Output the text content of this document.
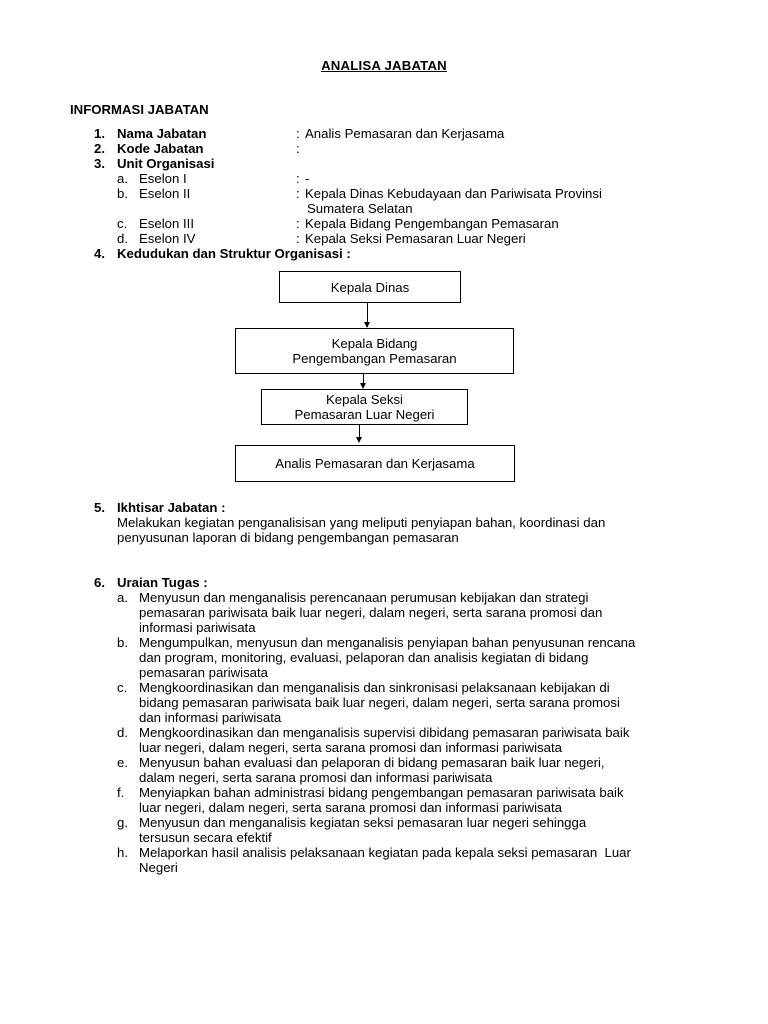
ANALISA JABATAN
INFORMASI JABATAN
1. Nama Jabatan	: Analis Pemasaran dan Kerjasama
2. Kode Jabatan	:
3. Unit Organisasi
a. Eselon I	: -
b. Eselon II	: Kepala Dinas Kebudayaan dan Pariwisata Provinsi
Sumatera Selatan
c. Eselon III	: Kepala Bidang Pengembangan Pemasaran
d. Eselon IV	: Kepala Seksi Pemasaran Luar Negeri
4. Kedudukan dan Struktur Organisasi :
Kepala Dinas
Kepala Bidang
Pengembangan Pemasaran
Kepala Seksi
Pemasaran Luar Negeri
Analis Pemasaran dan Kerjasama
5. Ikhtisar Jabatan :
Melakukan kegiatan penganalisisan yang meliputi penyiapan bahan, koordinasi dan
penyusunan laporan di bidang pengembangan pemasaran
6. Uraian Tugas :
a. Menyusun dan menganalisis perencanaan perumusan kebijakan dan strategi
pemasaran pariwisata baik luar negeri, dalam negeri, serta sarana promosi dan
informasi pariwisata
b. Mengumpulkan, menyusun dan menganalisis penyiapan bahan penyusunan rencana
dan program, monitoring, evaluasi, pelaporan dan analisis kegiatan di bidang
pemasaran pariwisata
c. Mengkoordinasikan dan menganalisis dan sinkronisasi pelaksanaan kebijakan di
bidang pemasaran pariwisata baik luar negeri, dalam negeri, serta sarana promosi
dan informasi pariwisata
d. Mengkoordinasikan dan menganalisis supervisi dibidang pemasaran pariwisata baik
luar negeri, dalam negeri, serta sarana promosi dan informasi pariwisata
e. Menyusun bahan evaluasi dan pelaporan di bidang pemasaran baik luar negeri,
dalam negeri, serta sarana promosi dan informasi pariwisata
f.	Menyiapkan bahan administrasi bidang pengembangan pemasaran pariwisata baik
luar negeri, dalam negeri, serta sarana promosi dan informasi pariwisata
g. Menyusun dan menganalisis kegiatan seksi pemasaran luar negeri sehingga
tersusun secara efektif
h. Melaporkan hasil analisis pelaksanaan kegiatan pada kepala seksi pemasaran  Luar
Negeri
